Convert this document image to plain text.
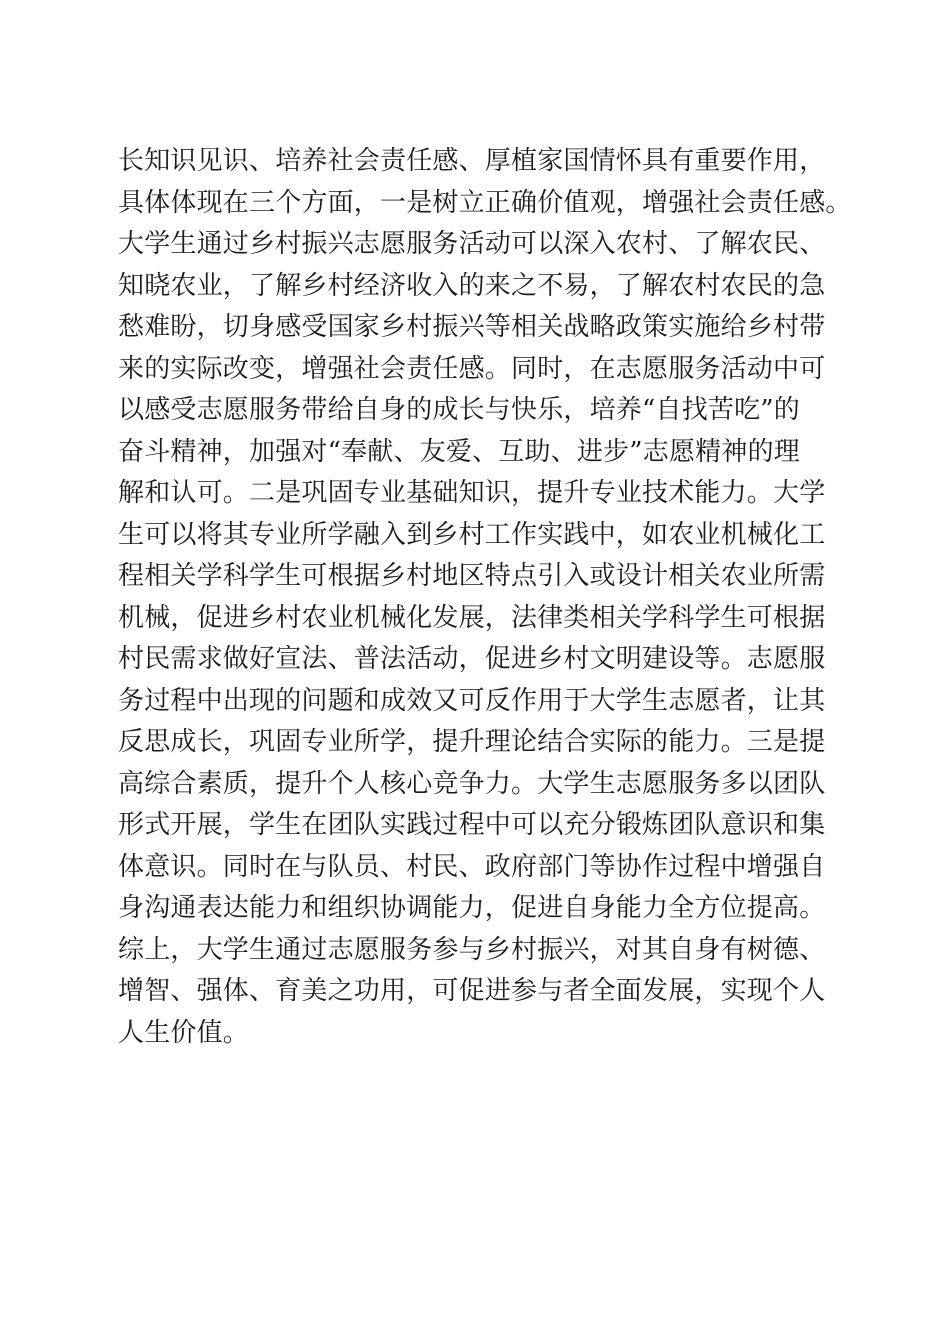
长知识见识、培养社会责任感、厚植家国情怀具有重要作用，
具体体现在三个方面，一是树立正确价值观，增强社会责任感。
大学生通过乡村振兴志愿服务活动可以深入农村、了解农民、
知晓农业，了解乡村经济收入的来之不易，了解农村农民的急
愁难盼，切身感受国家乡村振兴等相关战略政策实施给乡村带
来的实际改变，增强社会责任感。同时，在志愿服务活动中可
以感受志愿服务带给自身的成长与快乐，培养“自找苦吃”的
奋斗精神，加强对“奉献、友爱、互助、进步”志愿精神的理
解和认可。二是巩固专业基础知识，提升专业技术能力。大学
生可以将其专业所学融入到乡村工作实践中，如农业机械化工
程相关学科学生可根据乡村地区特点引入或设计相关农业所需
机械，促进乡村农业机械化发展，法律类相关学科学生可根据
村民需求做好宣法、普法活动，促进乡村文明建设等。志愿服
务过程中出现的问题和成效又可反作用于大学生志愿者，让其
反思成长，巩固专业所学，提升理论结合实际的能力。三是提
高综合素质，提升个人核心竞争力。大学生志愿服务多以团队
形式开展，学生在团队实践过程中可以充分锻炼团队意识和集
体意识。同时在与队员、村民、政府部门等协作过程中增强自
身沟通表达能力和组织协调能力，促进自身能力全方位提高。
综上，大学生通过志愿服务参与乡村振兴，对其自身有树德、
增智、强体、育美之功用，可促进参与者全面发展，实现个人
人生价值。
